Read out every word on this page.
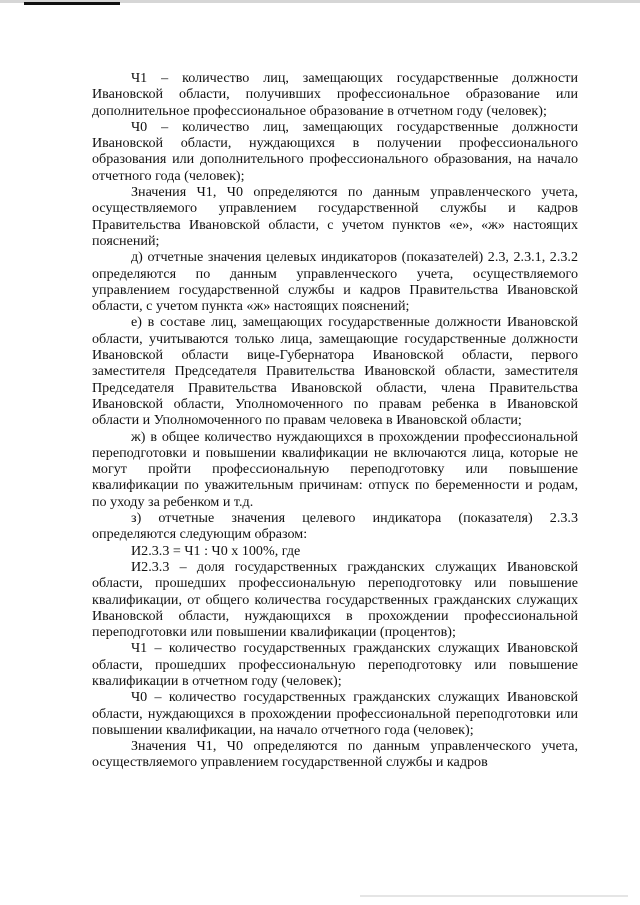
Ч1 – количество лиц, замещающих государственные должности Ивановской области, получивших профессиональное образование или дополнительное профессиональное образование в отчетном году (человек);

Ч0 – количество лиц, замещающих государственные должности Ивановской области, нуждающихся в получении профессионального образования или дополнительного профессионального образования, на начало отчетного года (человек);

Значения Ч1, Ч0 определяются по данным управленческого учета, осуществляемого управлением государственной службы и кадров Правительства Ивановской области, с учетом пунктов «е», «ж» настоящих пояснений;

д) отчетные значения целевых индикаторов (показателей) 2.3, 2.3.1, 2.3.2 определяются по данным управленческого учета, осуществляемого управлением государственной службы и кадров Правительства Ивановской области, с учетом пункта «ж» настоящих пояснений;

е) в составе лиц, замещающих государственные должности Ивановской области, учитываются только лица, замещающие государственные должности Ивановской области вице-Губернатора Ивановской области, первого заместителя Председателя Правительства Ивановской области, заместителя Председателя Правительства Ивановской области, члена Правительства Ивановской области, Уполномоченного по правам ребенка в Ивановской области и Уполномоченного по правам человека в Ивановской области;

ж) в общее количество нуждающихся в прохождении профессиональной переподготовки и повышении квалификации не включаются лица, которые не могут пройти профессиональную переподготовку или повышение квалификации по уважительным причинам: отпуск по беременности и родам, по уходу за ребенком и т.д.

з) отчетные значения целевого индикатора (показателя) 2.3.3 определяются следующим образом:

И2.3.3 = Ч1 : Ч0 x 100%, где

И2.3.3 – доля государственных гражданских служащих Ивановской области, прошедших профессиональную переподготовку или повышение квалификации, от общего количества государственных гражданских служащих Ивановской области, нуждающихся в прохождении профессиональной переподготовки или повышении квалификации (процентов);

Ч1 – количество государственных гражданских служащих Ивановской области, прошедших профессиональную переподготовку или повышение квалификации в отчетном году (человек);

Ч0 – количество государственных гражданских служащих Ивановской области, нуждающихся в прохождении профессиональной переподготовки или повышении квалификации, на начало отчетного года (человек);

Значения Ч1, Ч0 определяются по данным управленческого учета, осуществляемого управлением государственной службы и кадров
